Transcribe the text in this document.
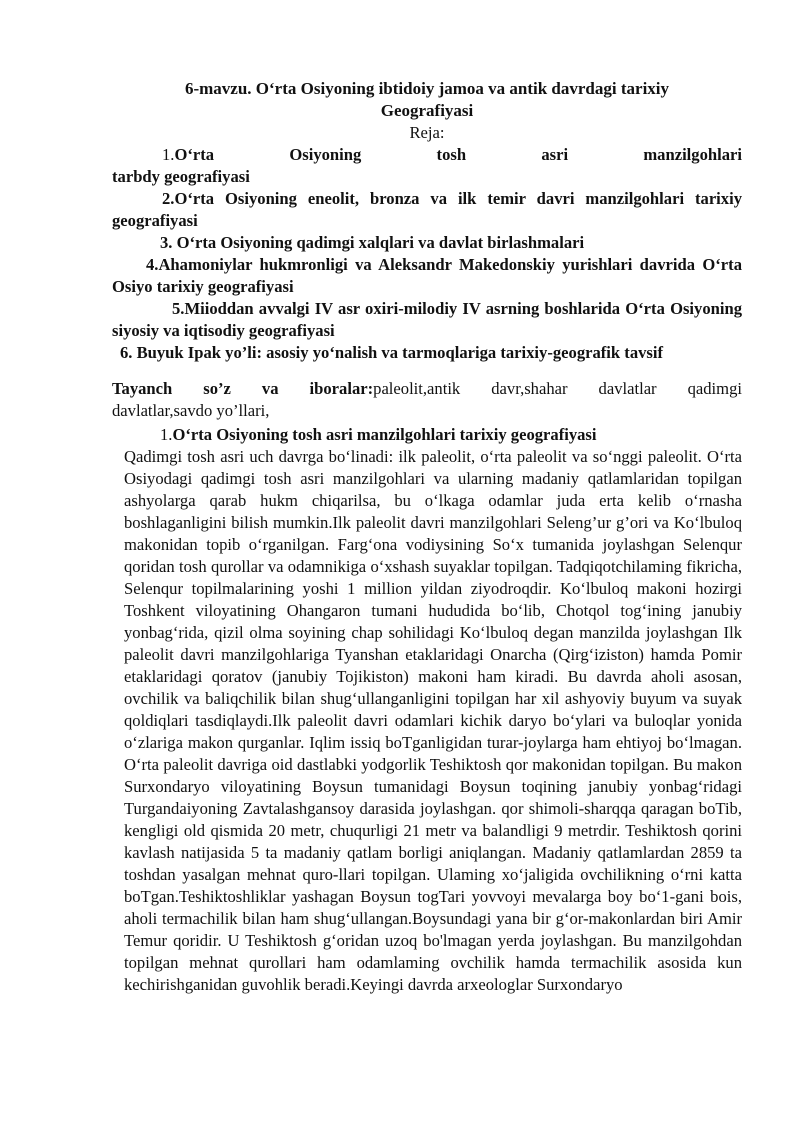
6-mavzu. O‘rta Osiyoning ibtidoiy jamoa va antik davrdagi tarixiy
Geografiyasi
Reja:

1.O‘rta Osiyoning tosh asri manzilgohlari

tarbdy geografiyasi

2.O‘rta Osiyoning eneolit, bronza va ilk temir davri manzilgohlari tarixiy geografiyasi

3. O‘rta Osiyoning qadimgi xalqlari va davlat birlashmalari

4.Ahamoniylar hukmronligi va Aleksandr Makedonskiy yurishlari davrida O‘rta Osiyo tarixiy geografiyasi

5.Miioddan avvalgi IV asr oxiri-milodiy IV asrning boshlarida O‘rta Osiyoning siyosiy va iqtisodiy geografiyasi

6. Buyuk Ipak yo’li: asosiy yo‘nalish va tarmoqlariga tarixiy-geografik tavsif

Tayanch so’z va iboralar:paleolit,antik davr,shahar davlatlar qadimgi
davlatlar,savdo yo’llari,
1.O‘rta Osiyoning tosh asri manzilgohlari tarixiy geografiyasi

Qadimgi tosh asri uch davrga bo‘linadi: ilk paleolit, o‘rta paleolit va so‘nggi paleolit. O‘rta Osiyodagi qadimgi tosh asri manzilgohlari va ularning madaniy qatlamlaridan topilgan ashyolarga qarab hukm chiqarilsa, bu o‘lkaga odamlar juda erta kelib o‘rnasha boshlaganligini bilish mumkin.Ilk paleolit davri manzilgohlari Seleng’ur g’ori va Ko‘lbuloq makonidan topib o‘rganilgan. Farg‘ona vodiysining So‘x tumanida joylashgan Selenqur qoridan tosh qurollar va odamnikiga o‘xshash suyaklar topilgan. Tadqiqotchilaming fikricha, Selenqur topilmalarining yoshi 1 million yildan ziyodroqdir. Ko‘lbuloq makoni hozirgi Toshkent viloyatining Ohangaron tumani hududida bo‘lib, Chotqol tog‘ining janubiy yonbag‘rida, qizil olma soyining chap sohilidagi Ko‘lbuloq degan manzilda joylashgan Ilk paleolit davri manzilgohlariga Tyanshan etaklaridagi Onarcha (Qirg‘iziston) hamda Pomir etaklaridagi qoratov (janubiy Tojikiston) makoni ham kiradi. Bu davrda aholi asosan, ovchilik va baliqchilik bilan shug‘ullanganligini topilgan har xil ashyoviy buyum va suyak qoldiqlari tasdiqlaydi.Ilk paleolit davri odamlari kichik daryo bo‘ylari va buloqlar yonida o‘zlariga makon qurganlar. Iqlim issiq boTganligidan turar-joylarga ham ehtiyoj bo‘lmagan. O‘rta paleolit davriga oid dastlabki yodgorlik Teshiktosh qor makonidan topilgan. Bu makon Surxondaryo viloyatining Boysun tumanidagi Boysun toqining janubiy yonbag‘ridagi Turgandaiyoning Zavtalashgansoy darasida joylashgan. qor shimoli-sharqqa qaragan boTib, kengligi old qismida 20 metr, chuqurligi 21 metr va balandligi 9 metrdir. Teshiktosh qorini kavlash natijasida 5 ta madaniy qatlam borligi aniqlangan. Madaniy qatlamlardan 2859 ta toshdan yasalgan mehnat quro-llari topilgan. Ulaming xo‘jaligida ovchilikning o‘rni katta boTgan.Teshiktoshliklar yashagan Boysun togTari yovvoyi mevalarga boy bo‘1-gani bois, aholi termachilik bilan ham shug‘ullangan.Boysundagi yana bir g‘or-makonlardan biri Amir Temur qoridir. U Teshiktosh g‘oridan uzoq bo'lmagan yerda joylashgan. Bu manzilgohdan topilgan mehnat qurollari ham odamlaming ovchilik hamda termachilik asosida kun kechirishganidan guvohlik beradi.Keyingi davrda arxeologlar Surxondaryo
